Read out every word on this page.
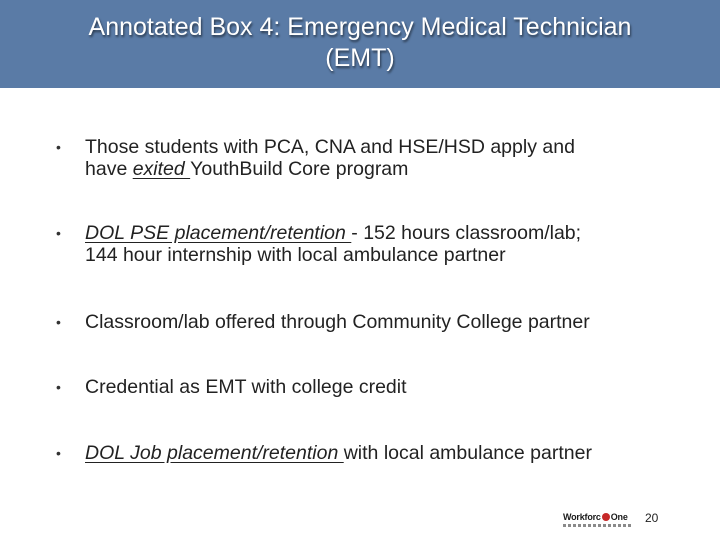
Annotated Box 4: Emergency Medical Technician
(EMT)
• Those students with PCA, CNA and HSE/HSD apply and
have exited YouthBuild Core program
• DOL PSE placement/retention - 152 hours classroom/lab;
144 hour internship with local ambulance partner
• Classroom/lab offered through Community College partner
• Credential as EMT with college credit
• DOL Job placement/retention with local ambulance partner
Workforc One 20
